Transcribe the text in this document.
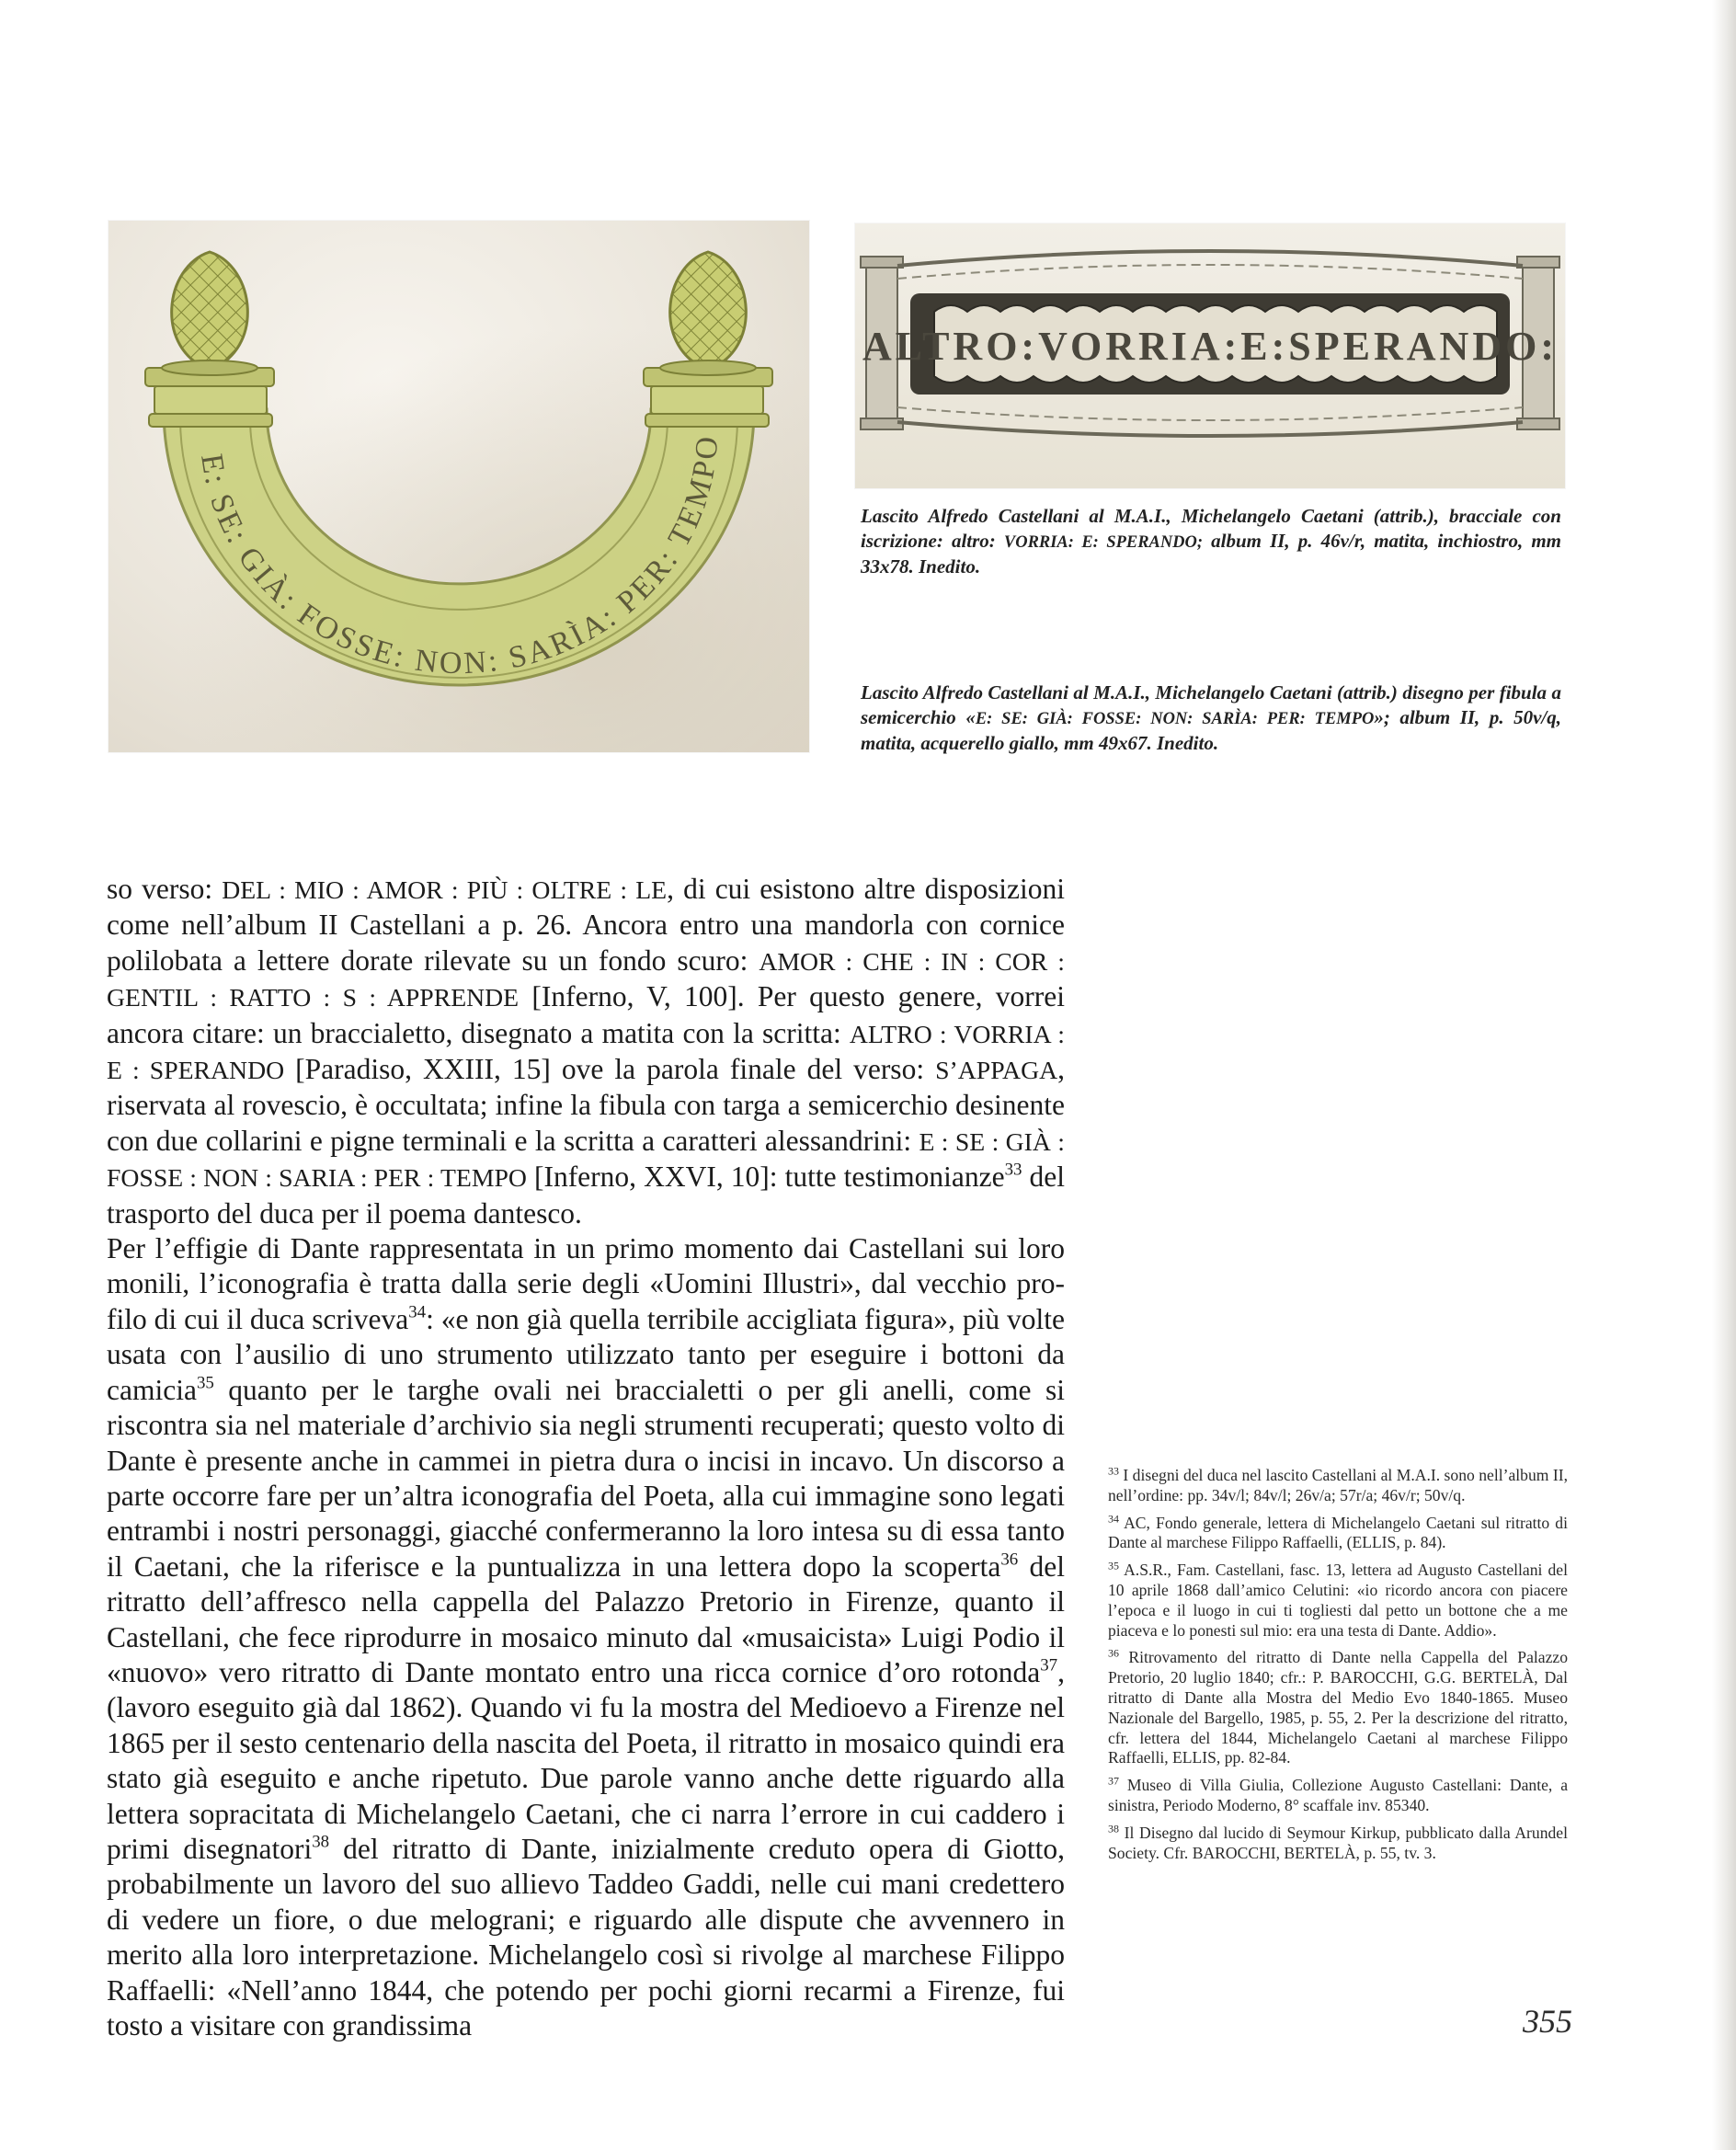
E: SE: GIÀ: FOSSE: NON: SARÌA: PER: TEMPO
ALTRO:VORRIA:E:SPERANDO:
Lascito Alfredo Castellani al M.A.I., Michelangelo Caetani (attrib.), bracciale con iscrizione: altro: VORRIA: E: SPERANDO; album II, p. 46v/r, matita, inchiostro, mm 33x78. Inedito.
Lascito Alfredo Castellani al M.A.I., Michelangelo Caetani (attrib.) disegno per fibula a semicerchio «E: SE: GIÀ: FOSSE: NON: SARÌA: PER: TEMPO»; album II, p. 50v/q, matita, acquerello giallo, mm 49x67. Inedito.

so verso: DEL : MIO : AMOR : PIÙ : OLTRE : LE, di cui esistono altre disposizioni come nell’album II Castellani a p. 26. Ancora entro una mandorla con cornice polilobata a lettere dorate rilevate su un fondo scuro: AMOR : CHE : IN : COR : GENTIL : RATTO : S : APPRENDE [Inferno, V, 100]. Per questo genere, vorrei ancora citare: un braccialetto, disegnato a matita con la scritta: ALTRO : VORRIA : E : SPERANDO [Paradiso, XXIII, 15] ove la parola finale del verso: S’APPAGA, riservata al rovescio, è occultata; infine la fibula con targa a semicerchio desinente con due collarini e pigne terminali e la scritta a caratteri alessandrini: E : SE : GIÀ : FOSSE : NON : SARIA : PER : TEMPO [Inferno, XXVI, 10]: tutte testimonianze$^{33}$ del trasporto del duca per il poema dantesco.

Per l’effigie di Dante rappresentata in un primo momento dai Castellani sui loro monili, l’iconografia è tratta dalla serie degli «Uomini Illustri», dal vecchio profilo di cui il duca scriveva$^{34}$: «e non già quella terribile accigliata figura», più volte usata con l’ausilio di uno strumento utilizzato tanto per eseguire i bottoni da camicia$^{35}$ quanto per le targhe ovali nei braccialetti o per gli anelli, come si riscontra sia nel materiale d’archivio sia negli strumenti recuperati; questo volto di Dante è presente anche in cammei in pietra dura o incisi in incavo. Un discorso a parte occorre fare per un’altra iconografia del Poeta, alla cui immagine sono legati entrambi i nostri personaggi, giacché confermeranno la loro intesa su di essa tanto il Caetani, che la riferisce e la puntualizza in una lettera dopo la scoperta$^{36}$ del ritratto dell’affresco nella cappella del Palazzo Pretorio in Firenze, quanto il Castellani, che fece riprodurre in mosaico minuto dal «musaicista» Luigi Podio il «nuovo» vero ritratto di Dante montato entro una ricca cornice d’oro rotonda$^{37}$, (lavoro eseguito già dal 1862). Quando vi fu la mostra del Medioevo a Firenze nel 1865 per il sesto centenario della nascita del Poeta, il ritratto in mosaico quindi era stato già eseguito e anche ripetuto. Due parole vanno anche dette riguardo alla lettera sopracitata di Michelangelo Caetani, che ci narra l’errore in cui caddero i primi disegnatori$^{38}$ del ritratto di Dante, inizialmente creduto opera di Giotto, probabilmente un lavoro del suo allievo Taddeo Gaddi, nelle cui mani credettero di vedere un fiore, o due melograni; e riguardo alle dispute che avvennero in merito alla loro interpretazione. Michelangelo così si rivolge al marchese Filippo Raffaelli: «Nell’anno 1844, che potendo per pochi giorni recarmi a Firenze, fui tosto a visitare con grandissima

$^{33}$ I disegni del duca nel lascito Castellani al M.A.I. sono nell’album II, nell’ordine: pp. 34v/l; 84v/l; 26v/a; 57r/a; 46v/r; 50v/q.

$^{34}$ AC, Fondo generale, lettera di Michelangelo Caetani sul ritratto di Dante al marchese Filippo Raffaelli, (ELLIS, p. 84).

$^{35}$ A.S.R., Fam. Castellani, fasc. 13, lettera ad Augusto Castellani del 10 aprile 1868 dall’amico Celutini: «io ricordo ancora con piacere l’epoca e il luogo in cui ti togliesti dal petto un bottone che a me piaceva e lo ponesti sul mio: era una testa di Dante. Addio».

$^{36}$ Ritrovamento del ritratto di Dante nella Cappella del Palazzo Pretorio, 20 luglio 1840; cfr.: P. BAROCCHI, G.G. BERTELÀ, Dal ritratto di Dante alla Mostra del Medio Evo 1840-1865. Museo Nazionale del Bargello, 1985, p. 55, 2. Per la descrizione del ritratto, cfr. lettera del 1844, Michelangelo Caetani al marchese Filippo Raffaelli, ELLIS, pp. 82-84.

$^{37}$ Museo di Villa Giulia, Collezione Augusto Castellani: Dante, a sinistra, Periodo Moderno, 8° scaffale inv. 85340.

$^{38}$ Il Disegno dal lucido di Seymour Kirkup, pubblicato dalla Arundel Society. Cfr. BAROCCHI, BERTELÀ, p. 55, tv. 3.

355
